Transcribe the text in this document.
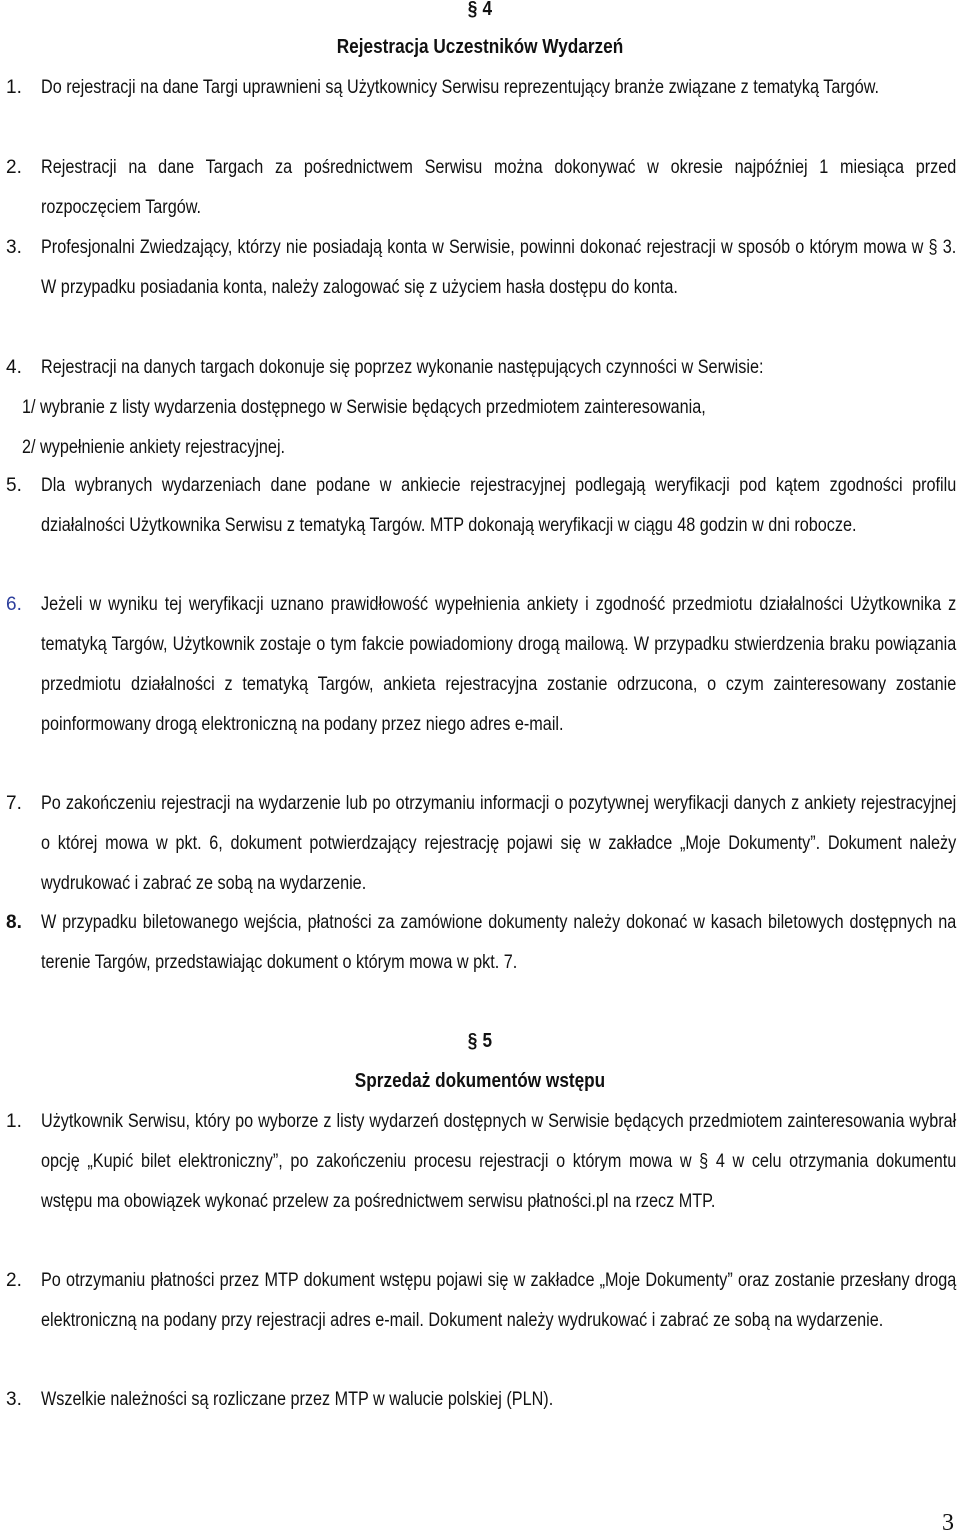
§ 4
Rejestracja Uczestników Wydarzeń
1.	Do rejestracji na dane Targi uprawnieni są Użytkownicy Serwisu reprezentujący branże związane z tematyką Targów.
2.	Rejestracji na dane Targach za pośrednictwem Serwisu można dokonywać w okresie najpóźniej 1 miesiąca przed rozpoczęciem Targów.
3.	Profesjonalni Zwiedzający, którzy nie posiadają konta w Serwisie, powinni dokonać rejestracji w sposób o którym mowa w § 3. W przypadku posiadania konta, należy zalogować się z użyciem hasła dostępu do konta.
4.	Rejestracji na danych targach dokonuje się poprzez wykonanie następujących czynności w Serwisie:
1/ wybranie z listy wydarzenia dostępnego w Serwisie będących przedmiotem zainteresowania,
2/ wypełnienie ankiety rejestracyjnej.
5.	Dla wybranych wydarzeniach dane podane w ankiecie rejestracyjnej podlegają weryfikacji pod kątem zgodności profilu działalności Użytkownika Serwisu z tematyką Targów. MTP dokonają weryfikacji w ciągu 48 godzin w dni robocze.
6.	Jeżeli w wyniku tej weryfikacji uznano prawidłowość wypełnienia ankiety i zgodność przedmiotu działalności Użytkownika z tematyką Targów, Użytkownik zostaje o tym fakcie powiadomiony drogą mailową. W przypadku stwierdzenia braku powiązania przedmiotu działalności z tematyką Targów, ankieta rejestracyjna zostanie odrzucona, o czym zainteresowany zostanie poinformowany drogą elektroniczną na podany przez niego adres e-mail.
7.	Po zakończeniu rejestracji na wydarzenie lub po otrzymaniu informacji o pozytywnej weryfikacji danych z ankiety rejestracyjnej o której mowa w pkt. 6, dokument potwierdzający rejestrację pojawi się w zakładce „Moje Dokumenty”. Dokument należy wydrukować i zabrać ze sobą na wydarzenie.
8.	W przypadku biletowanego wejścia, płatności za zamówione dokumenty należy dokonać w kasach biletowych dostępnych na terenie Targów, przedstawiając dokument o którym mowa w pkt. 7.
§ 5
Sprzedaż dokumentów wstępu
1.	Użytkownik Serwisu, który po wyborze z listy wydarzeń dostępnych w Serwisie będących przedmiotem zainteresowania wybrał opcję „Kupić bilet elektroniczny”, po zakończeniu procesu rejestracji o którym mowa w § 4 w celu otrzymania dokumentu wstępu ma obowiązek wykonać przelew za pośrednictwem serwisu płatności.pl na rzecz MTP.
2.	Po otrzymaniu płatności przez MTP dokument wstępu pojawi się w zakładce „Moje Dokumenty” oraz zostanie przesłany drogą elektroniczną na podany przy rejestracji adres e-mail. Dokument należy wydrukować i zabrać ze sobą na wydarzenie.
3.	Wszelkie należności są rozliczane przez MTP w walucie polskiej (PLN).
3
